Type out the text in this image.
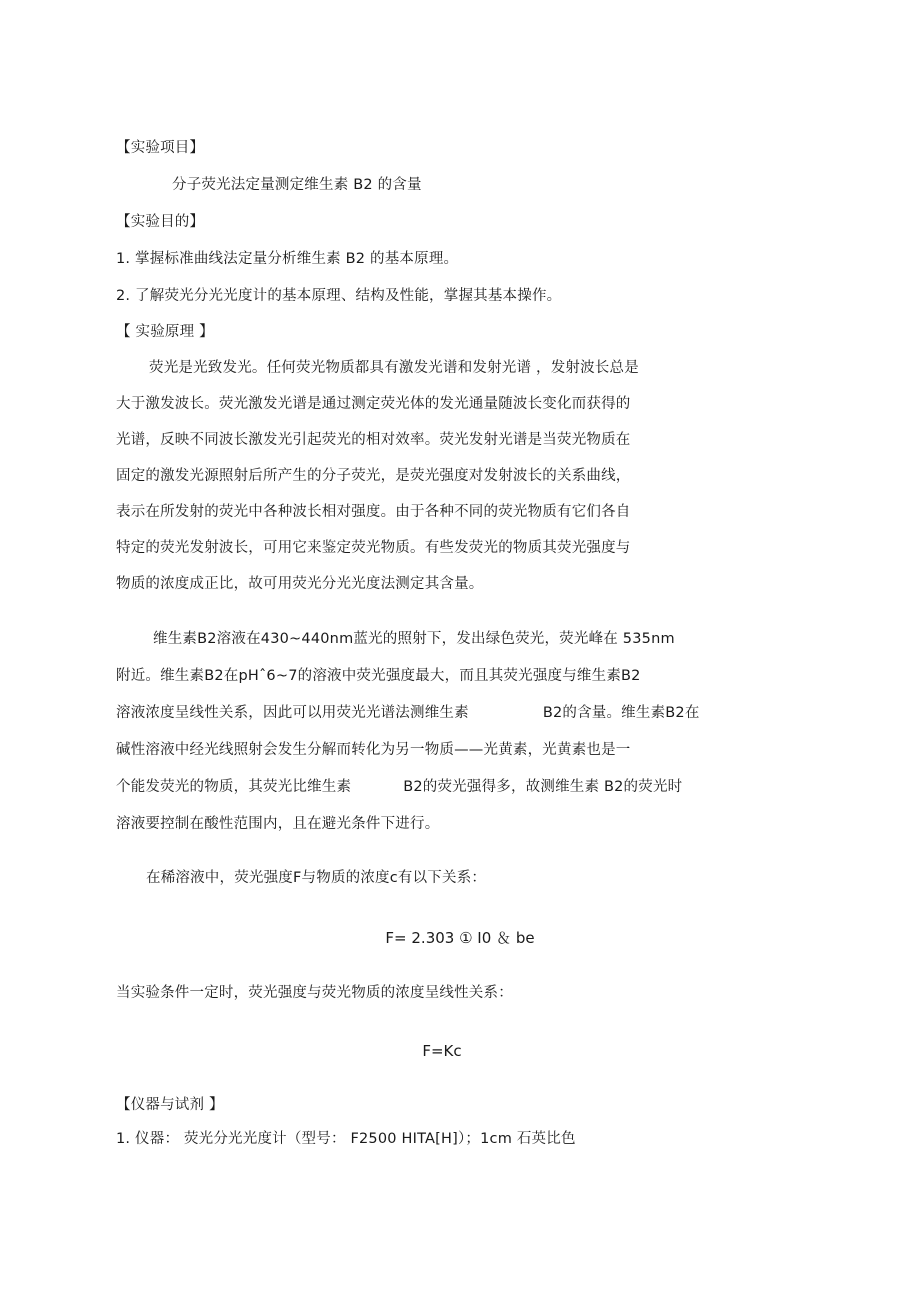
【实验项目】
分子荧光法定量测定维生素 B2 的含量
【实验目的】
1. 掌握标准曲线法定量分析维生素 B2 的基本原理。
2. 了解荧光分光光度计的基本原理、结构及性能，掌握其基本操作。
【 实验原理 】
荧光是光致发光。任何荧光物质都具有激发光谱和发射光谱 ，发射波长总是
大于激发波长。荧光激发光谱是通过测定荧光体的发光通量随波长变化而获得的
光谱，反映不同波长激发光引起荧光的相对效率。荧光发射光谱是当荧光物质在
固定的激发光源照射后所产生的分子荧光，是荧光强度对发射波长的关系曲线，
表示在所发射的荧光中各种波长相对强度。由于各种不同的荧光物质有它们各自
特定的荧光发射波长，可用它来鉴定荧光物质。有些发荧光的物质其荧光强度与
物质的浓度成正比，故可用荧光分光光度法测定其含量。
维生素B2溶液在430~440nm蓝光的照射下，发出绿色荧光，荧光峰在 535nm
附近。维生素B2在pHˆ6~7的溶液中荧光强度最大，而且其荧光强度与维生素B2
溶液浓度呈线性关系，因此可以用荧光光谱法测维生素	B2的含量。维生素B2在
碱性溶液中经光线照射会发生分解而转化为另一物质——光黄素，光黄素也是一
个能发荧光的物质，其荧光比维生素	B2的荧光强得多，故测维生素 B2的荧光时
溶液要控制在酸性范围内，且在避光条件下进行。
在稀溶液中，荧光强度F与物质的浓度c有以下关系：
F= 2.303 ① I0 ＆ be
当实验条件一定时，荧光强度与荧光物质的浓度呈线性关系：
F=Kc
【仪器与试剂 】
1. 仪器： 荧光分光光度计（型号： F2500 HITA[H]）；1cm 石英比色
